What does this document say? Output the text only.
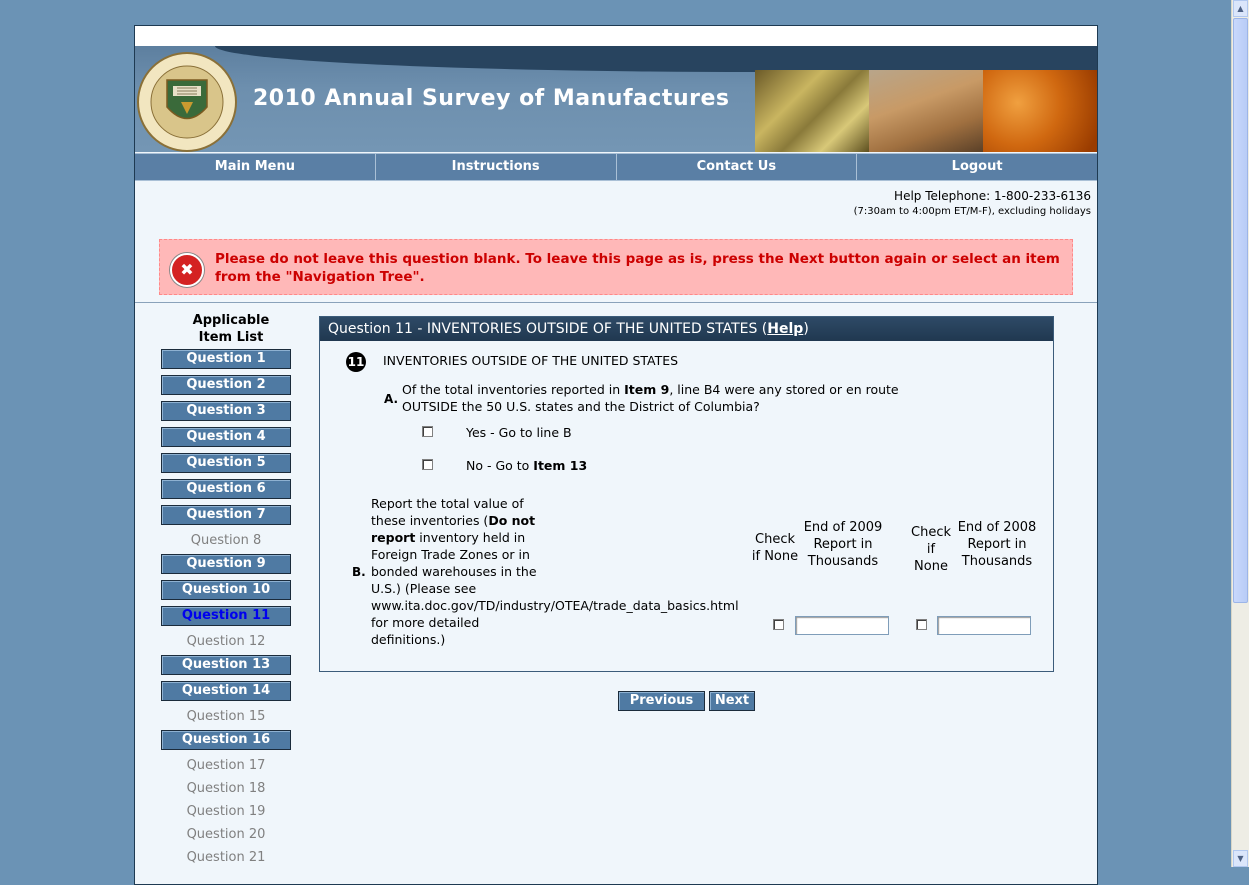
2010 Annual Survey of Manufactures
Main Menu	Instructions	Contact Us	Logout
Help Telephone: 1-800-233-6136
(7:30am to 4:00pm ET/M-F), excluding holidays
✖
Please do not leave this question blank. To leave this page as is, press the Next button again or select an item from the "Navigation Tree".
Applicable
Item List
Question 1
Question 2
Question 3
Question 4
Question 5
Question 6
Question 7
Question 8
Question 9
Question 10
Question 11
Question 12
Question 13
Question 14
Question 15
Question 16
Question 17
Question 18
Question 19
Question 20
Question 21
Question 11 - INVENTORIES OUTSIDE OF THE UNITED STATES (Help)
11 INVENTORIES OUTSIDE OF THE UNITED STATES
A.
Of the total inventories reported in Item 9, line B4 were any stored or en route
OUTSIDE the 50 U.S. states and the District of Columbia?
Yes - Go to line B
No - Go to Item 13
B.
Report the total value of
these inventories (Do not
report inventory held in
Foreign Trade Zones or in
bonded warehouses in the
U.S.) (Please see
www.ita.doc.gov/TD/industry/OTEA/trade_data_basics.html
for more detailed
definitions.)
Check
if None
End of 2009
Report in
Thousands
Check
if
None
End of 2008
Report in
Thousands
Previous	Next
▲
▼
